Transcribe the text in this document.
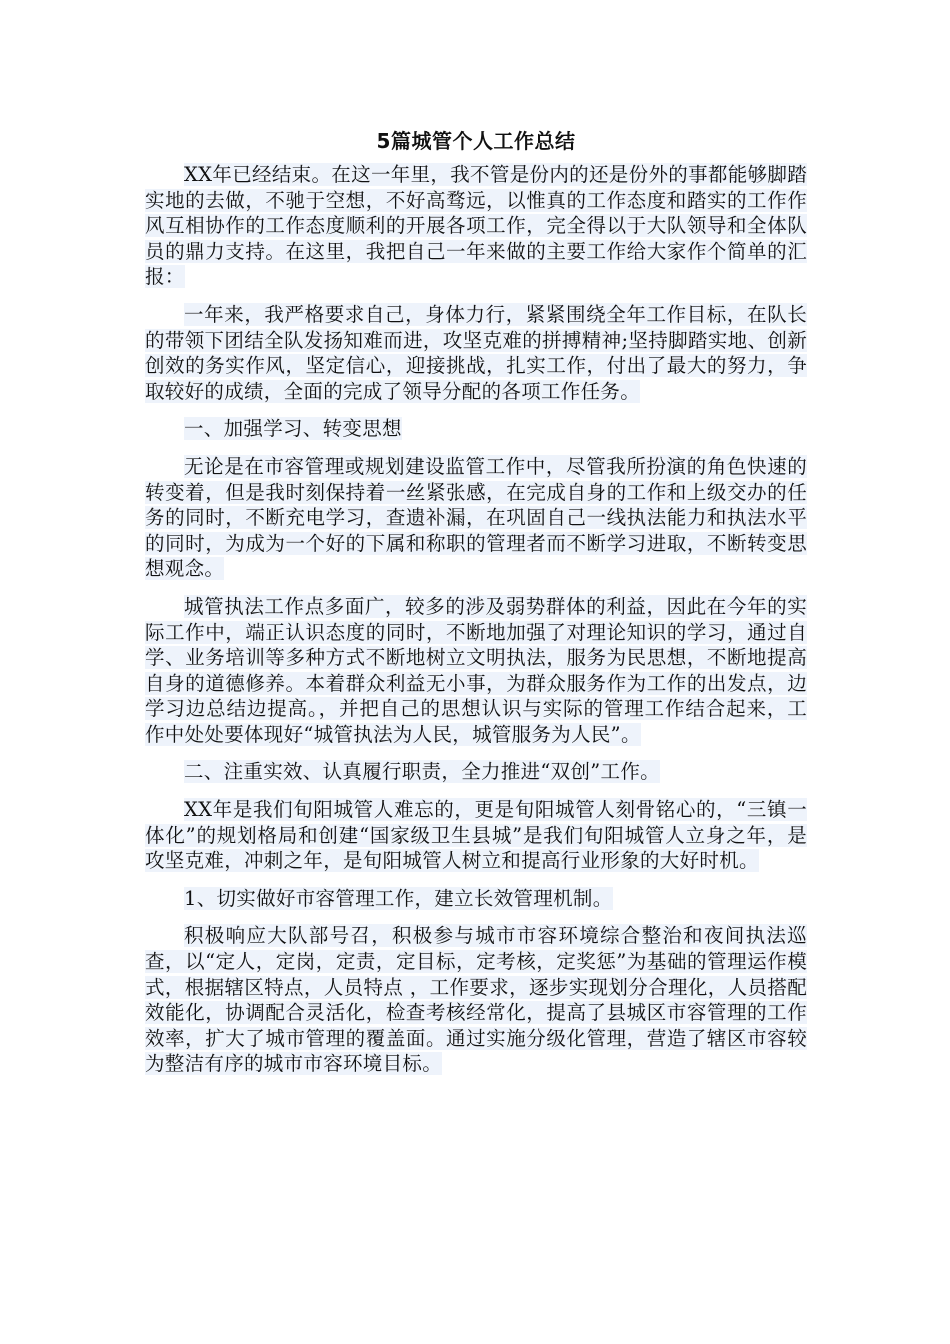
5篇城管个人工作总结

XX年已经结束。在这一年里，我不管是份内的还是份外的事都能够脚踏实地的去做，不驰于空想，不好高骛远，以惟真的工作态度和踏实的工作作风互相协作的工作态度顺利的开展各项工作，完全得以于大队领导和全体队员的鼎力支持。在这里，我把自己一年来做的主要工作给大家作个简单的汇报：

一年来，我严格要求自己，身体力行，紧紧围绕全年工作目标，在队长的带领下团结全队发扬知难而进，攻坚克难的拼搏精神;坚持脚踏实地、创新创效的务实作风，坚定信心，迎接挑战，扎实工作，付出了最大的努力，争取较好的成绩，全面的完成了领导分配的各项工作任务。

一、加强学习、转变思想

无论是在市容管理或规划建设监管工作中，尽管我所扮演的角色快速的转变着，但是我时刻保持着一丝紧张感，在完成自身的工作和上级交办的任务的同时，不断充电学习，查遗补漏，在巩固自己一线执法能力和执法水平的同时，为成为一个好的下属和称职的管理者而不断学习进取，不断转变思想观念。

城管执法工作点多面广，较多的涉及弱势群体的利益，因此在今年的实际工作中，端正认识态度的同时，不断地加强了对理论知识的学习，通过自学、业务培训等多种方式不断地树立文明执法，服务为民思想，不断地提高自身的道德修养。本着群众利益无小事，为群众服务作为工作的出发点，边学习边总结边提高。，并把自己的思想认识与实际的管理工作结合起来，工作中处处要体现好“城管执法为人民，城管服务为人民”。

二、注重实效、认真履行职责，全力推进“双创”工作。

XX年是我们旬阳城管人难忘的，更是旬阳城管人刻骨铭心的，“三镇一体化”的规划格局和创建“国家级卫生县城”是我们旬阳城管人立身之年，是攻坚克难，冲刺之年，是旬阳城管人树立和提高行业形象的大好时机。

1、切实做好市容管理工作，建立长效管理机制。

积极响应大队部号召，积极参与城市市容环境综合整治和夜间执法巡查，以“定人，定岗，定责，定目标，定考核，定奖惩”为基础的管理运作模式，根据辖区特点，人员特点 ，工作要求，逐步实现划分合理化，人员搭配效能化，协调配合灵活化，检查考核经常化，提高了县城区市容管理的工作效率，扩大了城市管理的覆盖面。通过实施分级化管理，营造了辖区市容较为整洁有序的城市市容环境目标。
